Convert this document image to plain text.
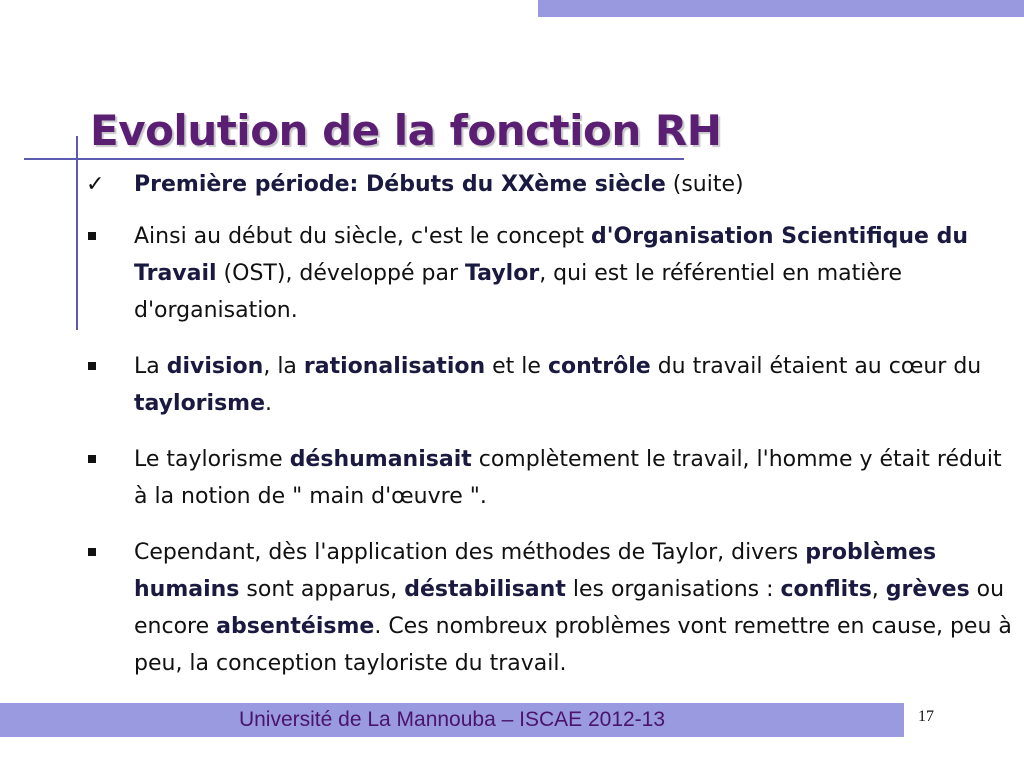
Evolution de la fonction RH
✓	Première période: Débuts du XXème siècle (suite)
Ainsi au début du siècle, c'est le concept d'Organisation Scientifique du Travail (OST), développé par Taylor, qui est le référentiel en matière d'organisation.
La division, la rationalisation et le contrôle du travail étaient au cœur du taylorisme.
Le taylorisme déshumanisait complètement le travail, l'homme y était réduit à la notion de " main d'œuvre ".
Cependant, dès l'application des méthodes de Taylor, divers problèmes humains sont apparus, déstabilisant les organisations : conflits, grèves ou encore absentéisme. Ces nombreux problèmes vont remettre en cause, peu à peu, la conception tayloriste du travail.
Université de La Mannouba – ISCAE 2012-13	17
